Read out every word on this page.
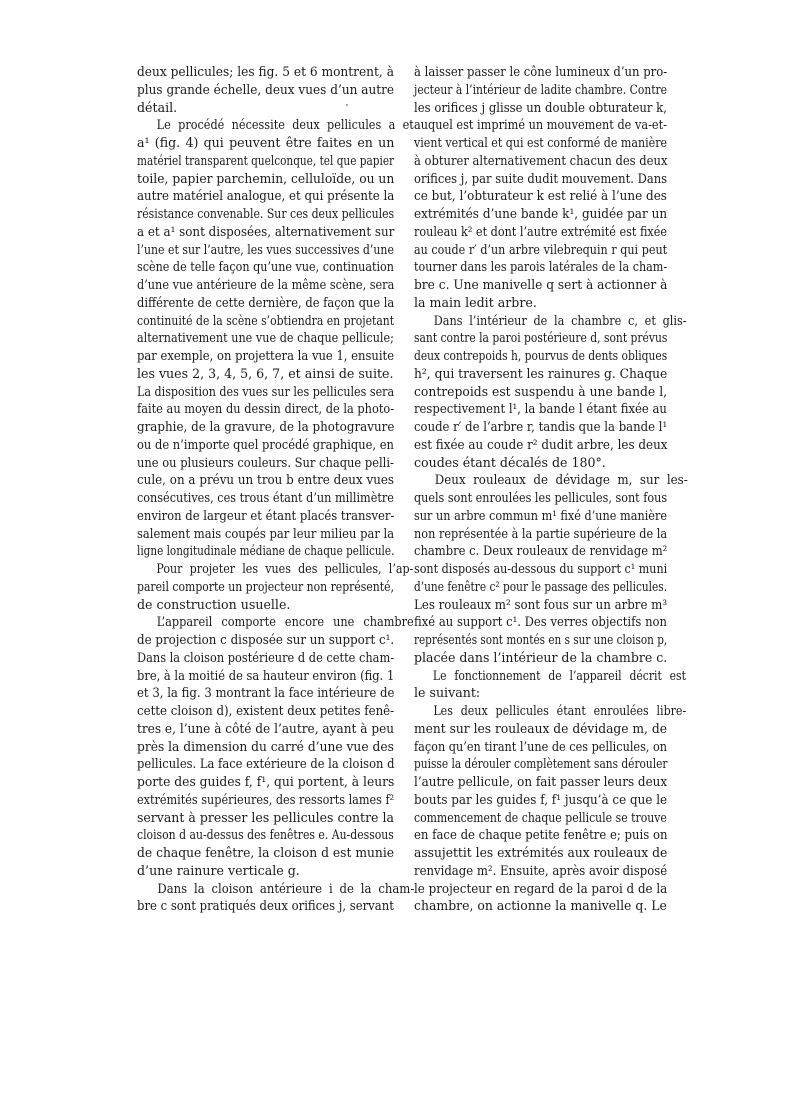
deux pellicules; les fig. 5 et 6 montrent, à
plus grande échelle, deux vues d’un autre
détail.
Le procédé nécessite deux pellicules a et
a¹ (fig. 4) qui peuvent être faites en un
matériel transparent quelconque, tel que papier
toile, papier parchemin, celluloïde, ou un
autre matériel analogue, et qui présente la
résistance convenable. Sur ces deux pellicules
a et a¹ sont disposées, alternativement sur
l’une et sur l’autre, les vues successives d’une
scène de telle façon qu’une vue, continuation
d’une vue antérieure de la même scène, sera
différente de cette dernière, de façon que la
continuité de la scène s’obtiendra en projetant
alternativement une vue de chaque pellicule;
par exemple, on projettera la vue 1, ensuite
les vues 2, 3, 4, 5, 6, 7, et ainsi de suite.
La disposition des vues sur les pellicules sera
faite au moyen du dessin direct, de la photo-
graphie, de la gravure, de la photogravure
ou de n’importe quel procédé graphique, en
une ou plusieurs couleurs. Sur chaque pelli-
cule, on a prévu un trou b entre deux vues
consécutives, ces trous étant d’un millimètre
environ de largeur et étant placés transver-
salement mais coupés par leur milieu par la
ligne longitudinale médiane de chaque pellicule.
Pour projeter les vues des pellicules, l’ap-
pareil comporte un projecteur non représenté,
de construction usuelle.
L’appareil comporte encore une chambre
de projection c disposée sur un support c¹.
Dans la cloison postérieure d de cette cham-
bre, à la moitié de sa hauteur environ (fig. 1
et 3, la fig. 3 montrant la face intérieure de
cette cloison d), existent deux petites fenê-
tres e, l’une à côté de l’autre, ayant à peu
près la dimension du carré d’une vue des
pellicules. La face extérieure de la cloison d
porte des guides f, f¹, qui portent, à leurs
extrémités supérieures, des ressorts lames f²
servant à presser les pellicules contre la
cloison d au-dessus des fenêtres e. Au-dessous
de chaque fenêtre, la cloison d est munie
d’une rainure verticale g.
Dans la cloison antérieure i de la cham-
bre c sont pratiqués deux orifices j, servant
à laisser passer le cône lumineux d’un pro-
jecteur à l’intérieur de ladite chambre. Contre
les orifices j glisse un double obturateur k,
auquel est imprimé un mouvement de va-et-
vient vertical et qui est conformé de manière
à obturer alternativement chacun des deux
orifices j, par suite dudit mouvement. Dans
ce but, l’obturateur k est relié à l’une des
extrémités d’une bande k¹, guidée par un
rouleau k² et dont l’autre extrémité est fixée
au coude r′ d’un arbre vilebrequin r qui peut
tourner dans les parois latérales de la cham-
bre c. Une manivelle q sert à actionner à
la main ledit arbre.
Dans l’intérieur de la chambre c, et glis-
sant contre la paroi postérieure d, sont prévus
deux contrepoids h, pourvus de dents obliques
h², qui traversent les rainures g. Chaque
contrepoids est suspendu à une bande l,
respectivement l¹, la bande l étant fixée au
coude r′ de l’arbre r, tandis que la bande l¹
est fixée au coude r² dudit arbre, les deux
coudes étant décalés de 180°.
Deux rouleaux de dévidage m, sur les-
quels sont enroulées les pellicules, sont fous
sur un arbre commun m¹ fixé d’une manière
non représentée à la partie supérieure de la
chambre c. Deux rouleaux de renvidage m²
sont disposés au-dessous du support c¹ muni
d’une fenêtre c² pour le passage des pellicules.
Les rouleaux m² sont fous sur un arbre m³
fixé au support c¹. Des verres objectifs non
représentés sont montés en s sur une cloison p,
placée dans l’intérieur de la chambre c.
Le fonctionnement de l’appareil décrit est
le suivant:
Les deux pellicules étant enroulées libre-
ment sur les rouleaux de dévidage m, de
façon qu’en tirant l’une de ces pellicules, on
puisse la dérouler complètement sans dérouler
l’autre pellicule, on fait passer leurs deux
bouts par les guides f, f¹ jusqu’à ce que le
commencement de chaque pellicule se trouve
en face de chaque petite fenêtre e; puis on
assujettit les extrémités aux rouleaux de
renvidage m². Ensuite, après avoir disposé
le projecteur en regard de la paroi d de la
chambre, on actionne la manivelle q. Le
